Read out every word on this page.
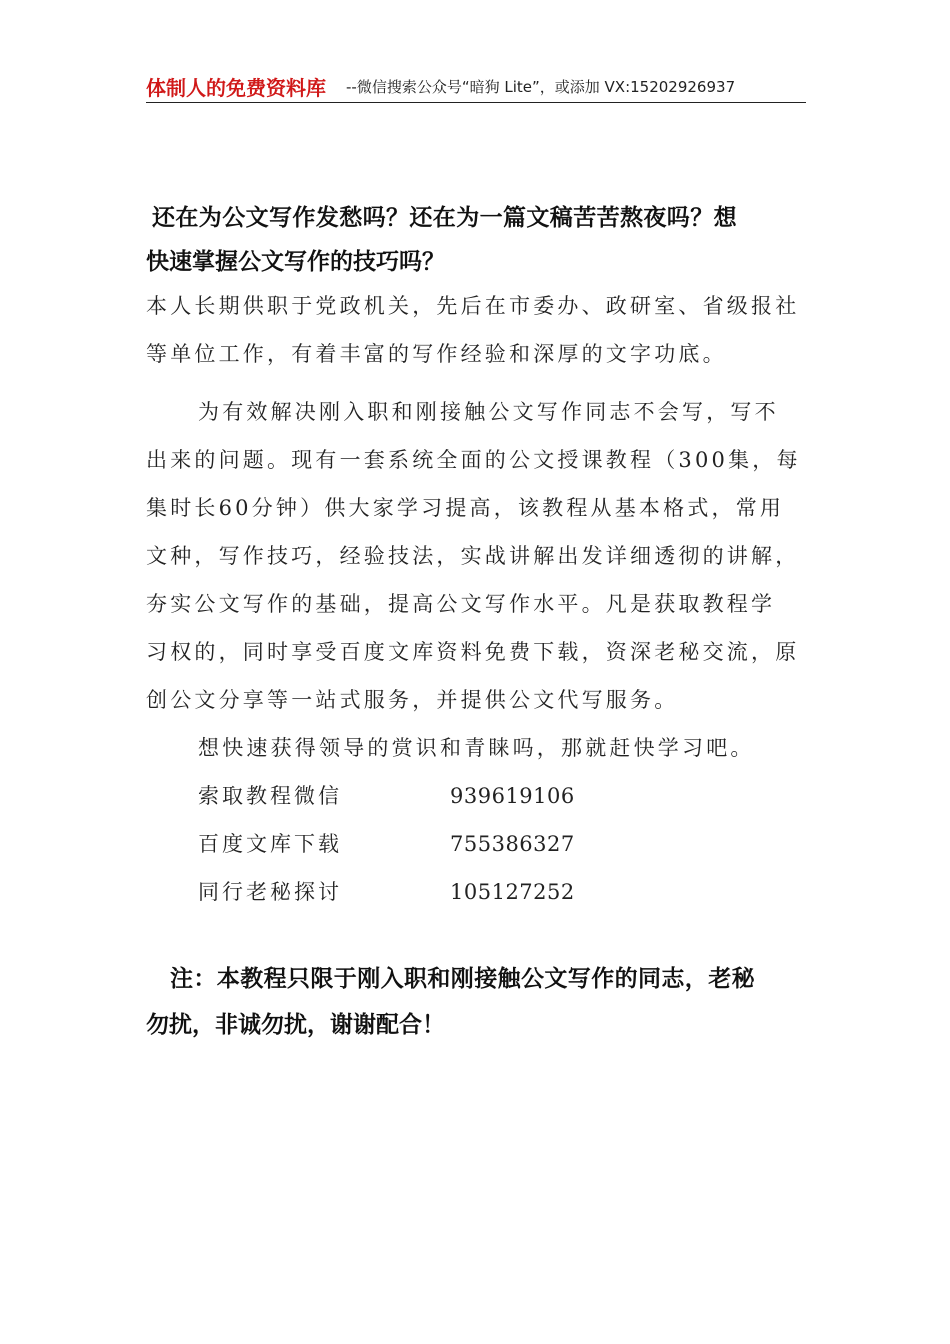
体制人的免费资料库 --微信搜索公众号“暗狗 Lite”，或添加 VX:15202926937
还在为公文写作发愁吗？还在为一篇文稿苦苦熬夜吗？想
快速掌握公文写作的技巧吗？
本人长期供职于党政机关，先后在市委办、政研室、省级报社
等单位工作，有着丰富的写作经验和深厚的文字功底。
为有效解决刚入职和刚接触公文写作同志不会写，写不
出来的问题。现有一套系统全面的公文授课教程（300集，每
集时长60分钟）供大家学习提高，该教程从基本格式，常用
文种，写作技巧，经验技法，实战讲解出发详细透彻的讲解，
夯实公文写作的基础，提高公文写作水平。凡是获取教程学
习权的，同时享受百度文库资料免费下载，资深老秘交流，原
创公文分享等一站式服务，并提供公文代写服务。
想快速获得领导的赏识和青睐吗，那就赶快学习吧。
索取教程微信	939619106
百度文库下载	755386327
同行老秘探讨	105127252
注：本教程只限于刚入职和刚接触公文写作的同志，老秘
勿扰，非诚勿扰，谢谢配合！
